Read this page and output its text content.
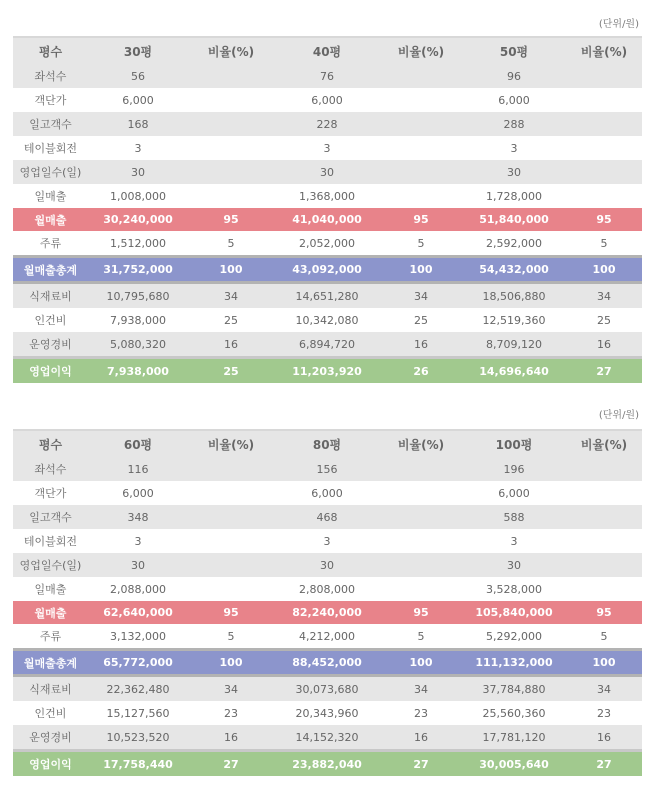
(단위/원)
평수	30평	비율(%)	40평	비율(%)	50평	비율(%)
좌석수	56		76		96	
객단가	6,000		6,000		6,000	
일고객수	168		228		288	
테이블회전	3		3		3	
영업일수(일)	30		30		30	
일매출	1,008,000		1,368,000		1,728,000	
월매출	30,240,000	95	41,040,000	95	51,840,000	95
주류	1,512,000	5	2,052,000	5	2,592,000	5
월매출총계	31,752,000	100	43,092,000	100	54,432,000	100
식재료비	10,795,680	34	14,651,280	34	18,506,880	34
인건비	7,938,000	25	10,342,080	25	12,519,360	25
운영경비	5,080,320	16	6,894,720	16	8,709,120	16
영업이익	7,938,000	25	11,203,920	26	14,696,640	27
(단위/원)
평수	60평	비율(%)	80평	비율(%)	100평	비율(%)
좌석수	116		156		196	
객단가	6,000		6,000		6,000	
일고객수	348		468		588	
테이블회전	3		3		3	
영업일수(일)	30		30		30	
일매출	2,088,000		2,808,000		3,528,000	
월매출	62,640,000	95	82,240,000	95	105,840,000	95
주류	3,132,000	5	4,212,000	5	5,292,000	5
월매출총계	65,772,000	100	88,452,000	100	111,132,000	100
식재료비	22,362,480	34	30,073,680	34	37,784,880	34
인건비	15,127,560	23	20,343,960	23	25,560,360	23
운영경비	10,523,520	16	14,152,320	16	17,781,120	16
영업이익	17,758,440	27	23,882,040	27	30,005,640	27
